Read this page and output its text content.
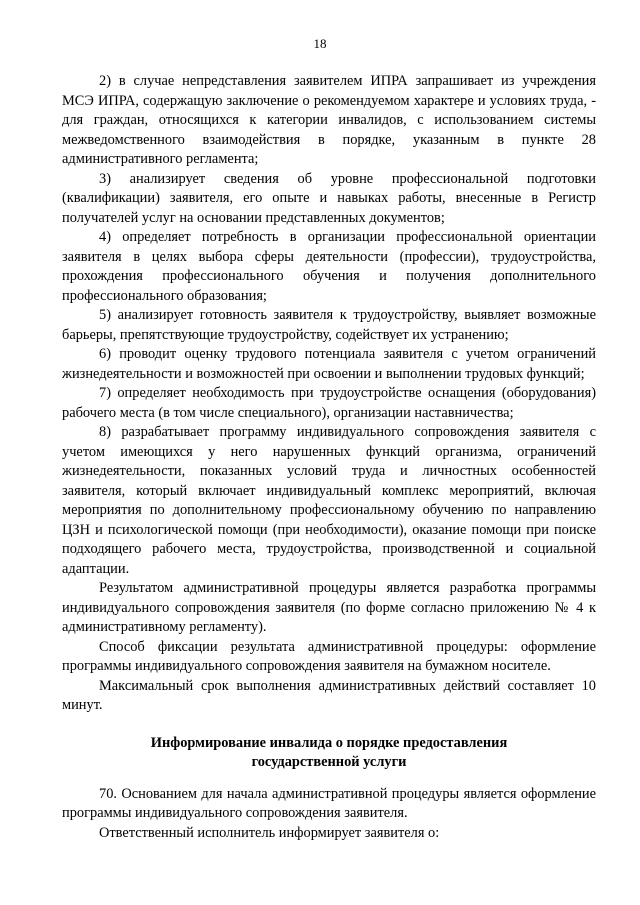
18

2) в случае непредставления заявителем ИПРА запрашивает из учреждения МСЭ ИПРА, содержащую заключение о рекомендуемом характере и условиях труда, - для граждан, относящихся к категории инвалидов, с использованием системы межведомственного взаимодействия в порядке, указанным в пункте 28 административного регламента;

3) анализирует сведения об уровне профессиональной подготовки (квалификации) заявителя, его опыте и навыках работы, внесенные в Регистр получателей услуг на основании представленных документов;

4) определяет потребность в организации профессиональной ориентации заявителя в целях выбора сферы деятельности (профессии), трудоустройства, прохождения профессионального обучения и получения дополнительного профессионального образования;

5) анализирует готовность заявителя к трудоустройству, выявляет возможные барьеры, препятствующие трудоустройству, содействует их устранению;

6) проводит оценку трудового потенциала заявителя с учетом ограничений жизнедеятельности и возможностей при освоении и выполнении трудовых функций;

7) определяет необходимость при трудоустройстве оснащения (оборудования) рабочего места (в том числе специального), организации наставничества;

8) разрабатывает программу индивидуального сопровождения заявителя с учетом имеющихся у него нарушенных функций организма, ограничений жизнедеятельности, показанных условий труда и личностных особенностей заявителя, который включает индивидуальный комплекс мероприятий, включая мероприятия по дополнительному профессиональному обучению по направлению ЦЗН и психологической помощи (при необходимости), оказание помощи при поиске подходящего рабочего места, трудоустройства, производственной и социальной адаптации.

Результатом административной процедуры является разработка программы индивидуального сопровождения заявителя (по форме согласно приложению № 4 к административному регламенту).

Способ фиксации результата административной процедуры: оформление программы индивидуального сопровождения заявителя на бумажном носителе.

Максимальный срок выполнения административных действий составляет 10 минут.

Информирование инвалида о порядке предоставления
государственной услуги

70. Основанием для начала административной процедуры является оформление программы индивидуального сопровождения заявителя.

Ответственный исполнитель информирует заявителя о:
